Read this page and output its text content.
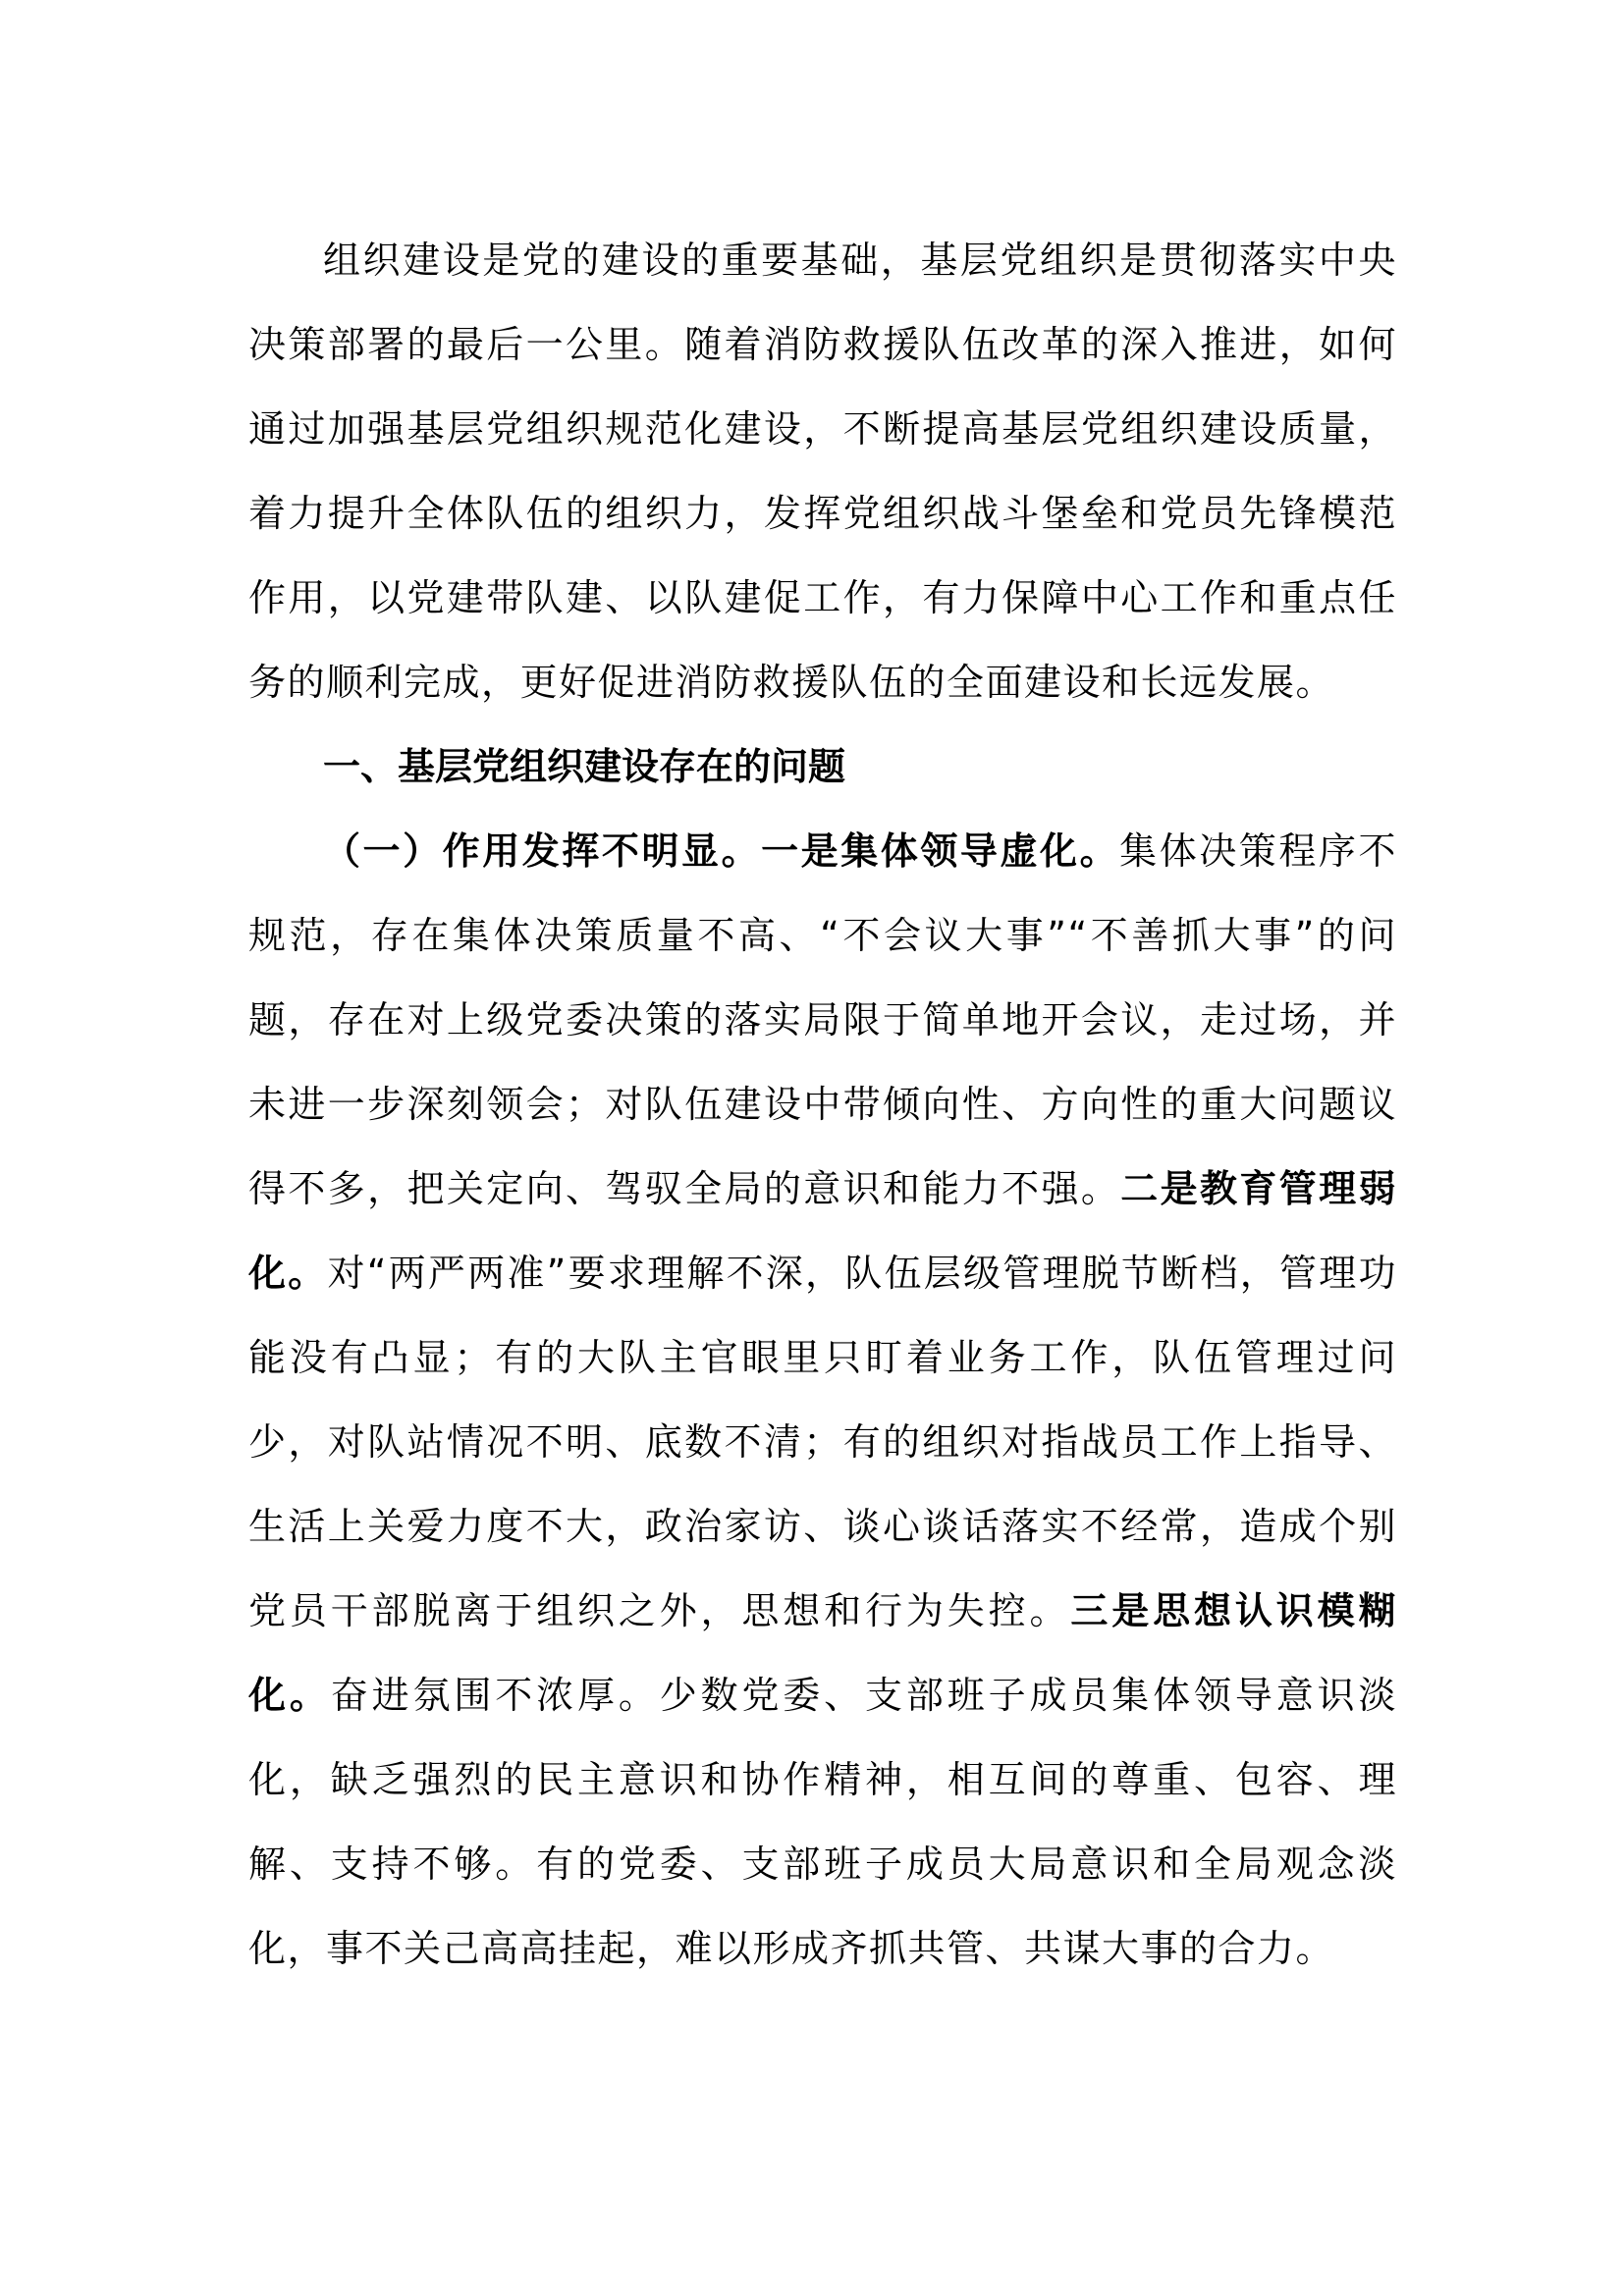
组织建设是党的建设的重要基础，基层党组织是贯彻落实中央决策部署的最后一公里。随着消防救援队伍改革的深入推进，如何通过加强基层党组织规范化建设，不断提高基层党组织建设质量，着力提升全体队伍的组织力，发挥党组织战斗堡垒和党员先锋模范作用，以党建带队建、以队建促工作，有力保障中心工作和重点任务的顺利完成，更好促进消防救援队伍的全面建设和长远发展。

一、基层党组织建设存在的问题

（一）作用发挥不明显。一是集体领导虚化。集体决策程序不规范，存在集体决策质量不高、“不会议大事”“不善抓大事”的问题，存在对上级党委决策的落实局限于简单地开会议，走过场，并未进一步深刻领会；对队伍建设中带倾向性、方向性的重大问题议得不多，把关定向、驾驭全局的意识和能力不强。二是教育管理弱化。对“两严两准”要求理解不深，队伍层级管理脱节断档，管理功能没有凸显；有的大队主官眼里只盯着业务工作，队伍管理过问少，对队站情况不明、底数不清；有的组织对指战员工作上指导、生活上关爱力度不大，政治家访、谈心谈话落实不经常，造成个别党员干部脱离于组织之外，思想和行为失控。三是思想认识模糊化。奋进氛围不浓厚。少数党委、支部班子成员集体领导意识淡化，缺乏强烈的民主意识和协作精神，相互间的尊重、包容、理解、支持不够。有的党委、支部班子成员大局意识和全局观念淡化，事不关己高高挂起，难以形成齐抓共管、共谋大事的合力。
